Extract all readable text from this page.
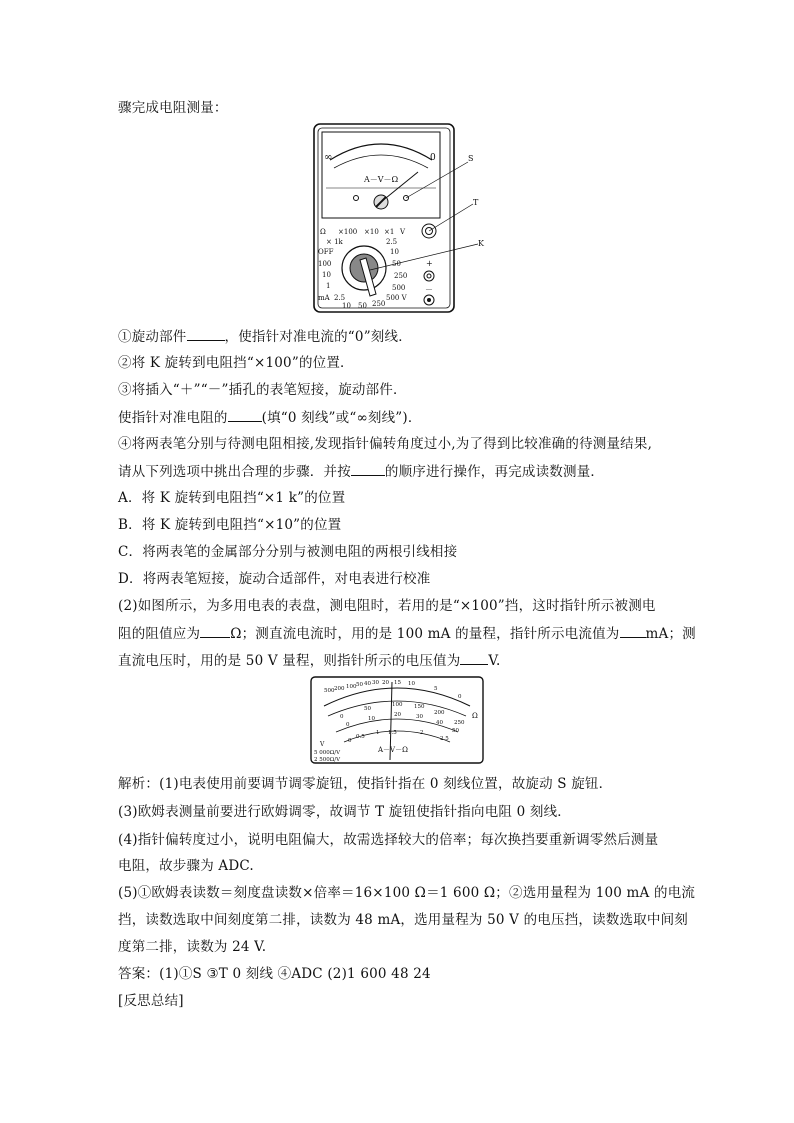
骤完成电阻测量：
∞	0
A－V－Ω
S
T
K
Ω ×100 ×10 ×1 V
× 1k	2.5
OFF	10
100	50
10	250
1	500
mA 2.5	500 V
10 50 250
+
－
①旋动部件	，使指针对准电流的“0”刻线．
②将 K 旋转到电阻挡“×100”的位置．
③将插入“＋”“－”插孔的表笔短接，旋动部件．
使指针对准电阻的	(填“0 刻线”或“∞刻线”)．
④将两表笔分别与待测电阻相接,发现指针偏转角度过小,为了得到比较准确的待测量结果,
请从下列选项中挑出合理的步骤．并按	的顺序进行操作，再完成读数测量．
A．将 K 旋转到电阻挡“×1 k”的位置
B．将 K 旋转到电阻挡“×10”的位置
C．将两表笔的金属部分分别与被测电阻的两根引线相接
D．将两表笔短接，旋动合适部件，对电表进行校准
(2)如图所示，为多用电表的表盘，测电阻时，若用的是“×100”挡，这时指针所示被测电
阻的阻值应为 Ω；测直流电流时，用的是 100 mA 的量程，指针所示电流值为 mA；测
直流电压时，用的是 50 V 量程，则指针所示的电压值为 V.
500 200 100 50 40 30 20 15 10
5
0
Ω
0
50
100 150
200
250
0
10
20	30
40
50
0
0.5
1 1.5	2
2.5
V
5 000Ω/V
2 500Ω/V
A－V－Ω
解析：(1)电表使用前要调节调零旋钮，使指针指在 0 刻线位置，故旋动 S 旋钮．
(3)欧姆表测量前要进行欧姆调零，故调节 T 旋钮使指针指向电阻 0 刻线．
(4)指针偏转度过小，说明电阻偏大，故需选择较大的倍率；每次换挡要重新调零然后测量
电阻，故步骤为 ADC.
(5)①欧姆表读数＝刻度盘读数×倍率＝16×100 Ω＝1 600 Ω；②选用量程为 100 mA 的电流
挡，读数选取中间刻度第二排，读数为 48 mA，选用量程为 50 V 的电压挡，读数选取中间刻
度第二排，读数为 24 V.
答案：(1)①S ③T 0 刻线 ④ADC (2)1 600 48 24
[反思总结]
